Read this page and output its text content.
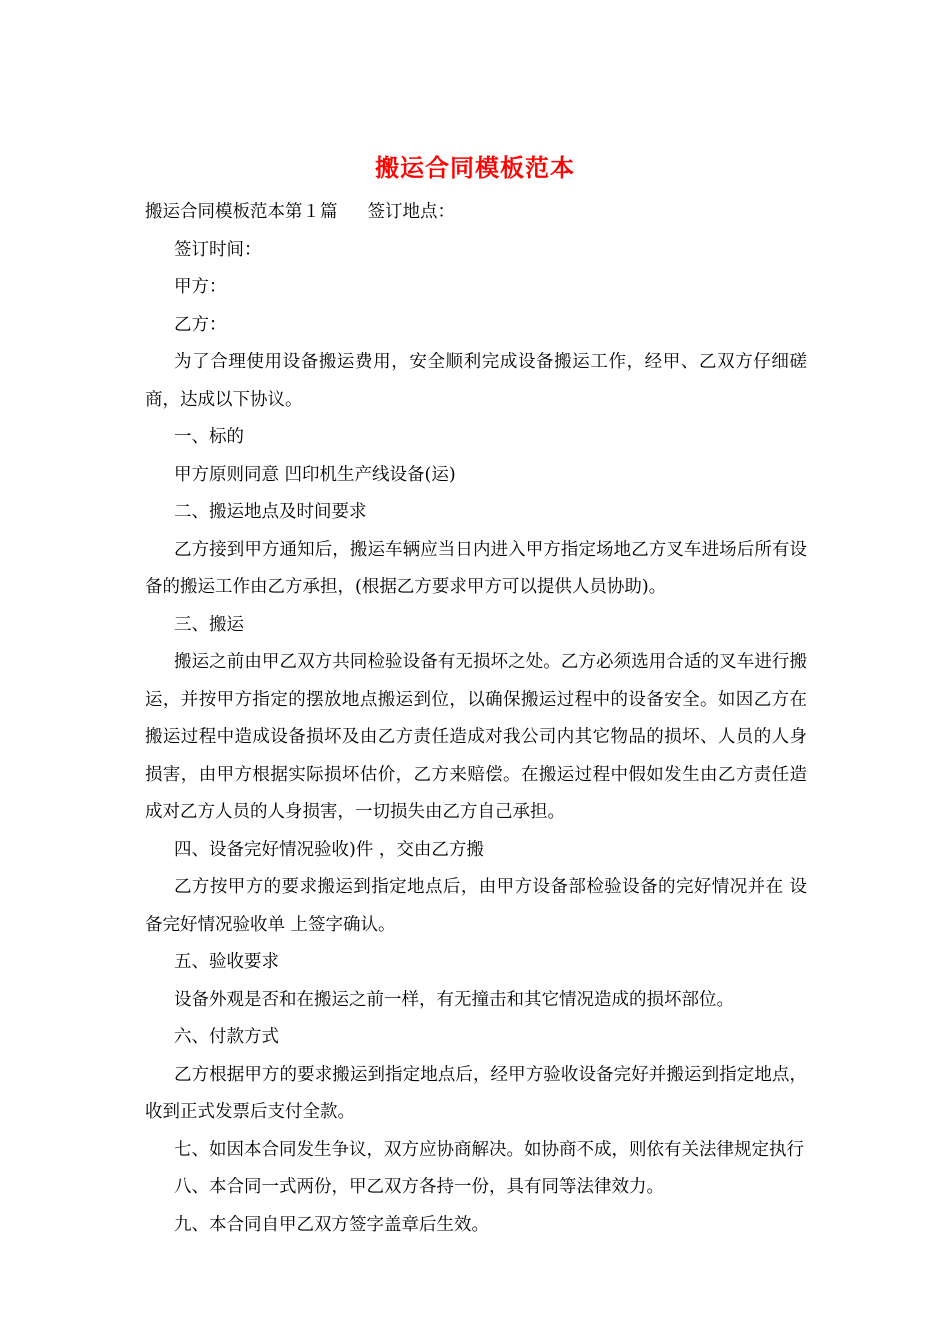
搬运合同模板范本

搬运合同模板范本第１篇 签订地点：

签订时间：

甲方：

乙方：

为了合理使用设备搬运费用，安全顺利完成设备搬运工作，经甲、乙双方仔细磋商，达成以下协议。

一、标的

甲方原则同意 凹印机生产线设备(运)

二、搬运地点及时间要求

乙方接到甲方通知后，搬运车辆应当日内进入甲方指定场地乙方叉车进场后所有设备的搬运工作由乙方承担，(根据乙方要求甲方可以提供人员协助)。

三、搬运

搬运之前由甲乙双方共同检验设备有无损坏之处。乙方必须选用合适的叉车进行搬运，并按甲方指定的摆放地点搬运到位，以确保搬运过程中的设备安全。如因乙方在搬运过程中造成设备损坏及由乙方责任造成对我公司内其它物品的损坏、人员的人身损害，由甲方根据实际损坏估价，乙方来赔偿。在搬运过程中假如发生由乙方责任造成对乙方人员的人身损害，一切损失由乙方自己承担。

四、设备完好情况验收)件 ，交由乙方搬

乙方按甲方的要求搬运到指定地点后，由甲方设备部检验设备的完好情况并在 设备完好情况验收单 上签字确认。

五、验收要求

设备外观是否和在搬运之前一样，有无撞击和其它情况造成的损坏部位。

六、付款方式

乙方根据甲方的要求搬运到指定地点后，经甲方验收设备完好并搬运到指定地点，收到正式发票后支付全款。

七、如因本合同发生争议，双方应协商解决。如协商不成，则依有关法律规定执行

八、本合同一式两份，甲乙双方各持一份，具有同等法律效力。

九、本合同自甲乙双方签字盖章后生效。
